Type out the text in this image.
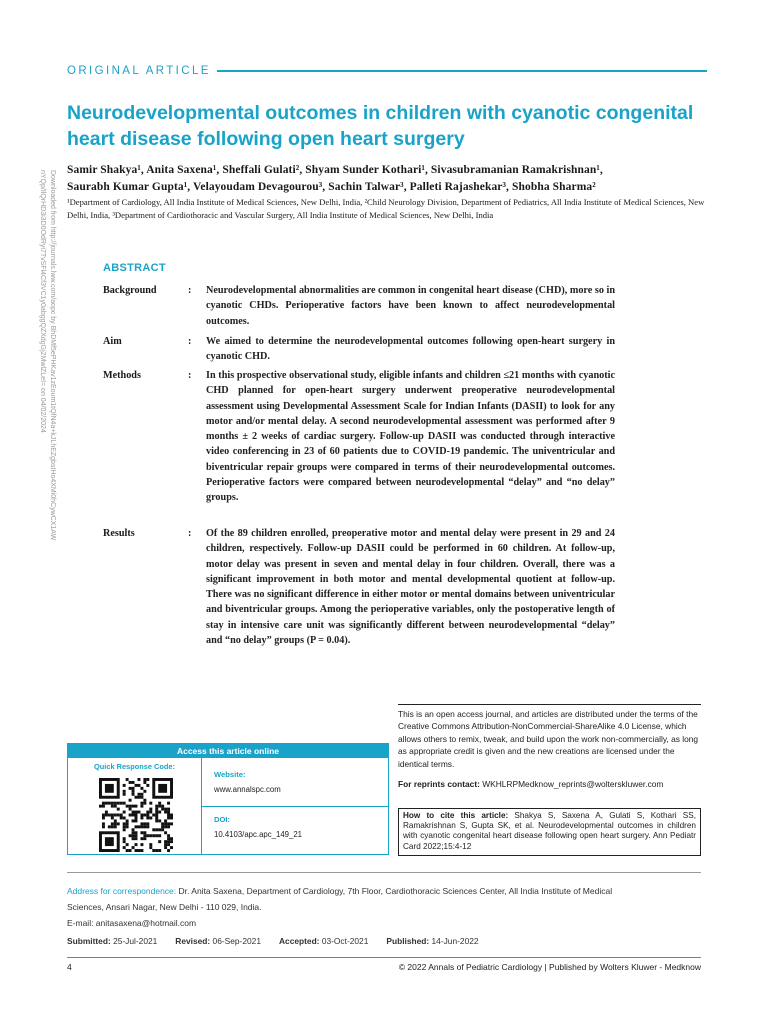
ORIGINAL ARTICLE
Downloaded from http://journals.lww.com/aopc by BhDMf5ePHKav1zEoum1tQfN4a+kJLhEZgbsIHo4XMi0hCywCX1AW nYQp/IlQrHD3i3D0OdRyi7TvSFl4Cf3VC1y0abggQZXdgGj2MwlZLeI= on 04/02/2024
Neurodevelopmental outcomes in children with cyanotic congenital heart disease following open heart surgery
Samir Shakya¹, Anita Saxena¹, Sheffali Gulati², Shyam Sunder Kothari¹, Sivasubramanian Ramakrishnan¹,
Saurabh Kumar Gupta¹, Velayoudam Devagourou³, Sachin Talwar³, Palleti Rajashekar³, Shobha Sharma²
¹Department of Cardiology, All India Institute of Medical Sciences, New Delhi, India, ²Child Neurology Division, Department of Pediatrics, All India Institute of Medical Sciences, New Delhi, India, ³Department of Cardiothoracic and Vascular Surgery, All India Institute of Medical Sciences, New Delhi, India
ABSTRACT
Background	:	Neurodevelopmental abnormalities are common in congenital heart disease (CHD), more so in cyanotic CHDs. Perioperative factors have been known to affect neurodevelopmental outcomes.
Aim	:	We aimed to determine the neurodevelopmental outcomes following open-heart surgery in cyanotic CHD.
Methods	:	In this prospective observational study, eligible infants and children ≤21 months with cyanotic CHD planned for open-heart surgery underwent preoperative neurodevelopmental assessment using Developmental Assessment Scale for Indian Infants (DASII) to look for any motor and/or mental delay. A second neurodevelopmental assessment was performed after 9 months ± 2 weeks of cardiac surgery. Follow-up DASII was conducted through interactive video conferencing in 23 of 60 patients due to COVID-19 pandemic. The univentricular and biventricular repair groups were compared in terms of their neurodevelopmental outcomes. Perioperative factors were compared between neurodevelopmental “delay” and “no delay” groups.
Results	:	Of the 89 children enrolled, preoperative motor and mental delay were present in 29 and 24 children, respectively. Follow-up DASII could be performed in 60 children. At follow-up, motor delay was present in seven and mental delay in four children. Overall, there was a significant improvement in both motor and mental developmental quotient at follow-up. There was no significant difference in either motor or mental domains between univentricular and biventricular groups. Among the perioperative variables, only the postoperative length of stay in intensive care unit was significantly different between neurodevelopmental “delay” and “no delay” groups (P = 0.04).
This is an open access journal, and articles are distributed under the terms of the Creative Commons Attribution-NonCommercial-ShareAlike 4.0 License, which allows others to remix, tweak, and build upon the work non-commercially, as long as appropriate credit is given and the new creations are licensed under the identical terms.
For reprints contact: WKHLRPMedknow_reprints@wolterskluwer.com
Access this article online
Quick Response Code:
Website:
www.annalspc.com
DOI:
10.4103/apc.apc_149_21
How to cite this article: Shakya S, Saxena A, Gulati S, Kothari SS, Ramakrishnan S, Gupta SK, et al. Neurodevelopmental outcomes in children with cyanotic congenital heart disease following open heart surgery. Ann Pediatr Card 2022;15:4-12
Address for correspondence: Dr. Anita Saxena, Department of Cardiology, 7th Floor, Cardiothoracic Sciences Center, All India Institute of Medical
Sciences, Ansari Nagar, New Delhi - 110 029, India.
E-mail: anitasaxena@hotmail.com
Submitted: 25-Jul-2021 Revised: 06-Sep-2021 Accepted: 03-Oct-2021 Published: 14-Jun-2022
4	© 2022 Annals of Pediatric Cardiology | Published by Wolters Kluwer - Medknow
